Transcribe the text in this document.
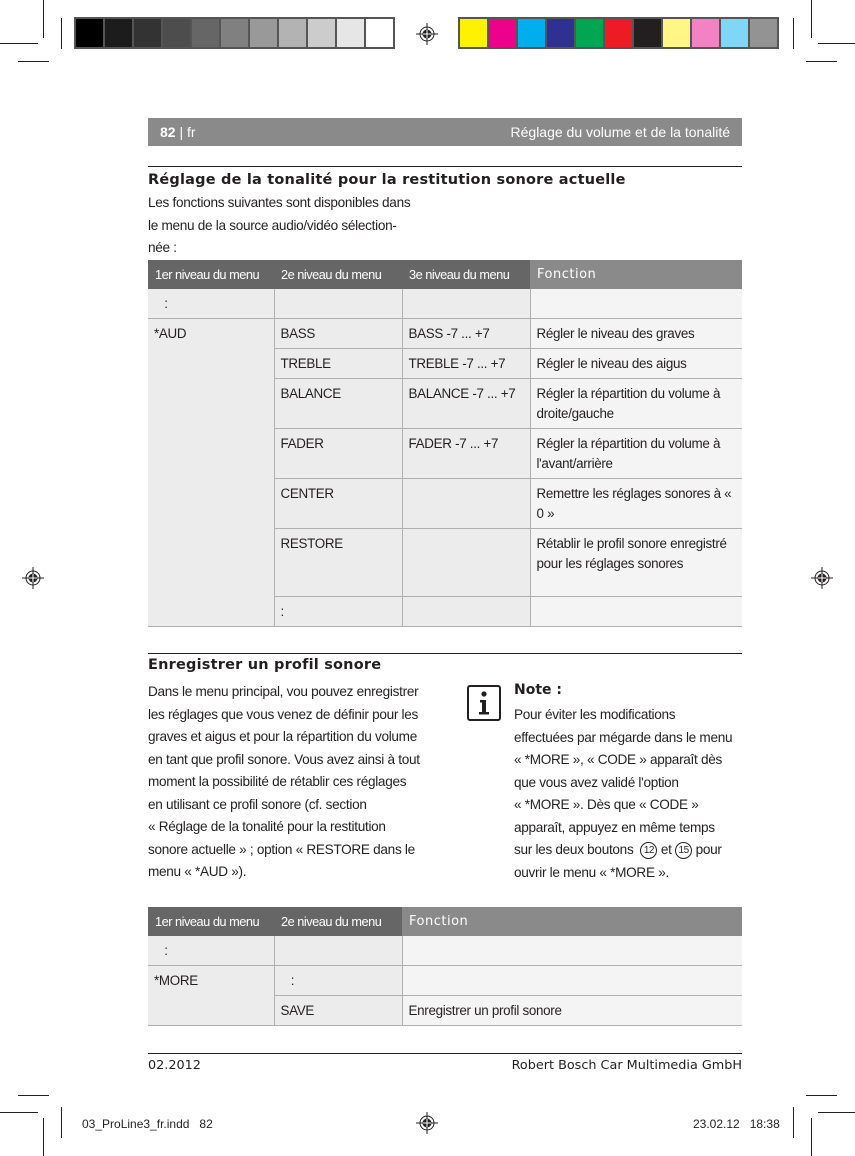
82 | fr	Réglage du volume et de la tonalité
Réglage de la tonalité pour la restitution sonore actuelle
Les fonctions suivantes sont disponibles dans
le menu de la source audio/vidéo sélection-
née :
1er niveau du menu	2e niveau du menu	3e niveau du menu	Fonction
:			
*AUD	BASS	BASS -7 ... +7	Régler le niveau des graves
	TREBLE	TREBLE -7 ... +7	Régler le niveau des aigus
	BALANCE	BALANCE -7 ... +7	Régler la répartition du volume à droite/gauche
	FADER	FADER -7 ... +7	Régler la répartition du volume à l'avant/arrière
	CENTER		Remettre les réglages sonores à « 0 »
	RESTORE		Rétablir le profil sonore enregistré pour les réglages sonores
	:		
Enregistrer un profil sonore
Dans le menu principal, vou pouvez enregistrer
les réglages que vous venez de définir pour les
graves et aigus et pour la répartition du volume
en tant que profil sonore. Vous avez ainsi à tout
moment la possibilité de rétablir ces réglages
en utilisant ce profil sonore (cf. section
« Réglage de la tonalité pour la restitution
sonore actuelle » ; option « RESTORE dans le
menu « *AUD »).
Note :
Pour éviter les modifications
effectuées par mégarde dans le menu
« *MORE », « CODE » apparaît dès
que vous avez validé l'option
« *MORE ». Dès que « CODE »
apparaît, appuyez en même temps
sur les deux boutons  12 et 15 pour
ouvrir le menu « *MORE ».
1er niveau du menu	2e niveau du menu	Fonction
:		
*MORE	:	
	SAVE	Enregistrer un profil sonore
02.2012	Robert Bosch Car Multimedia GmbH
03_ProLine3_fr.indd   82	23.02.12   18:38
